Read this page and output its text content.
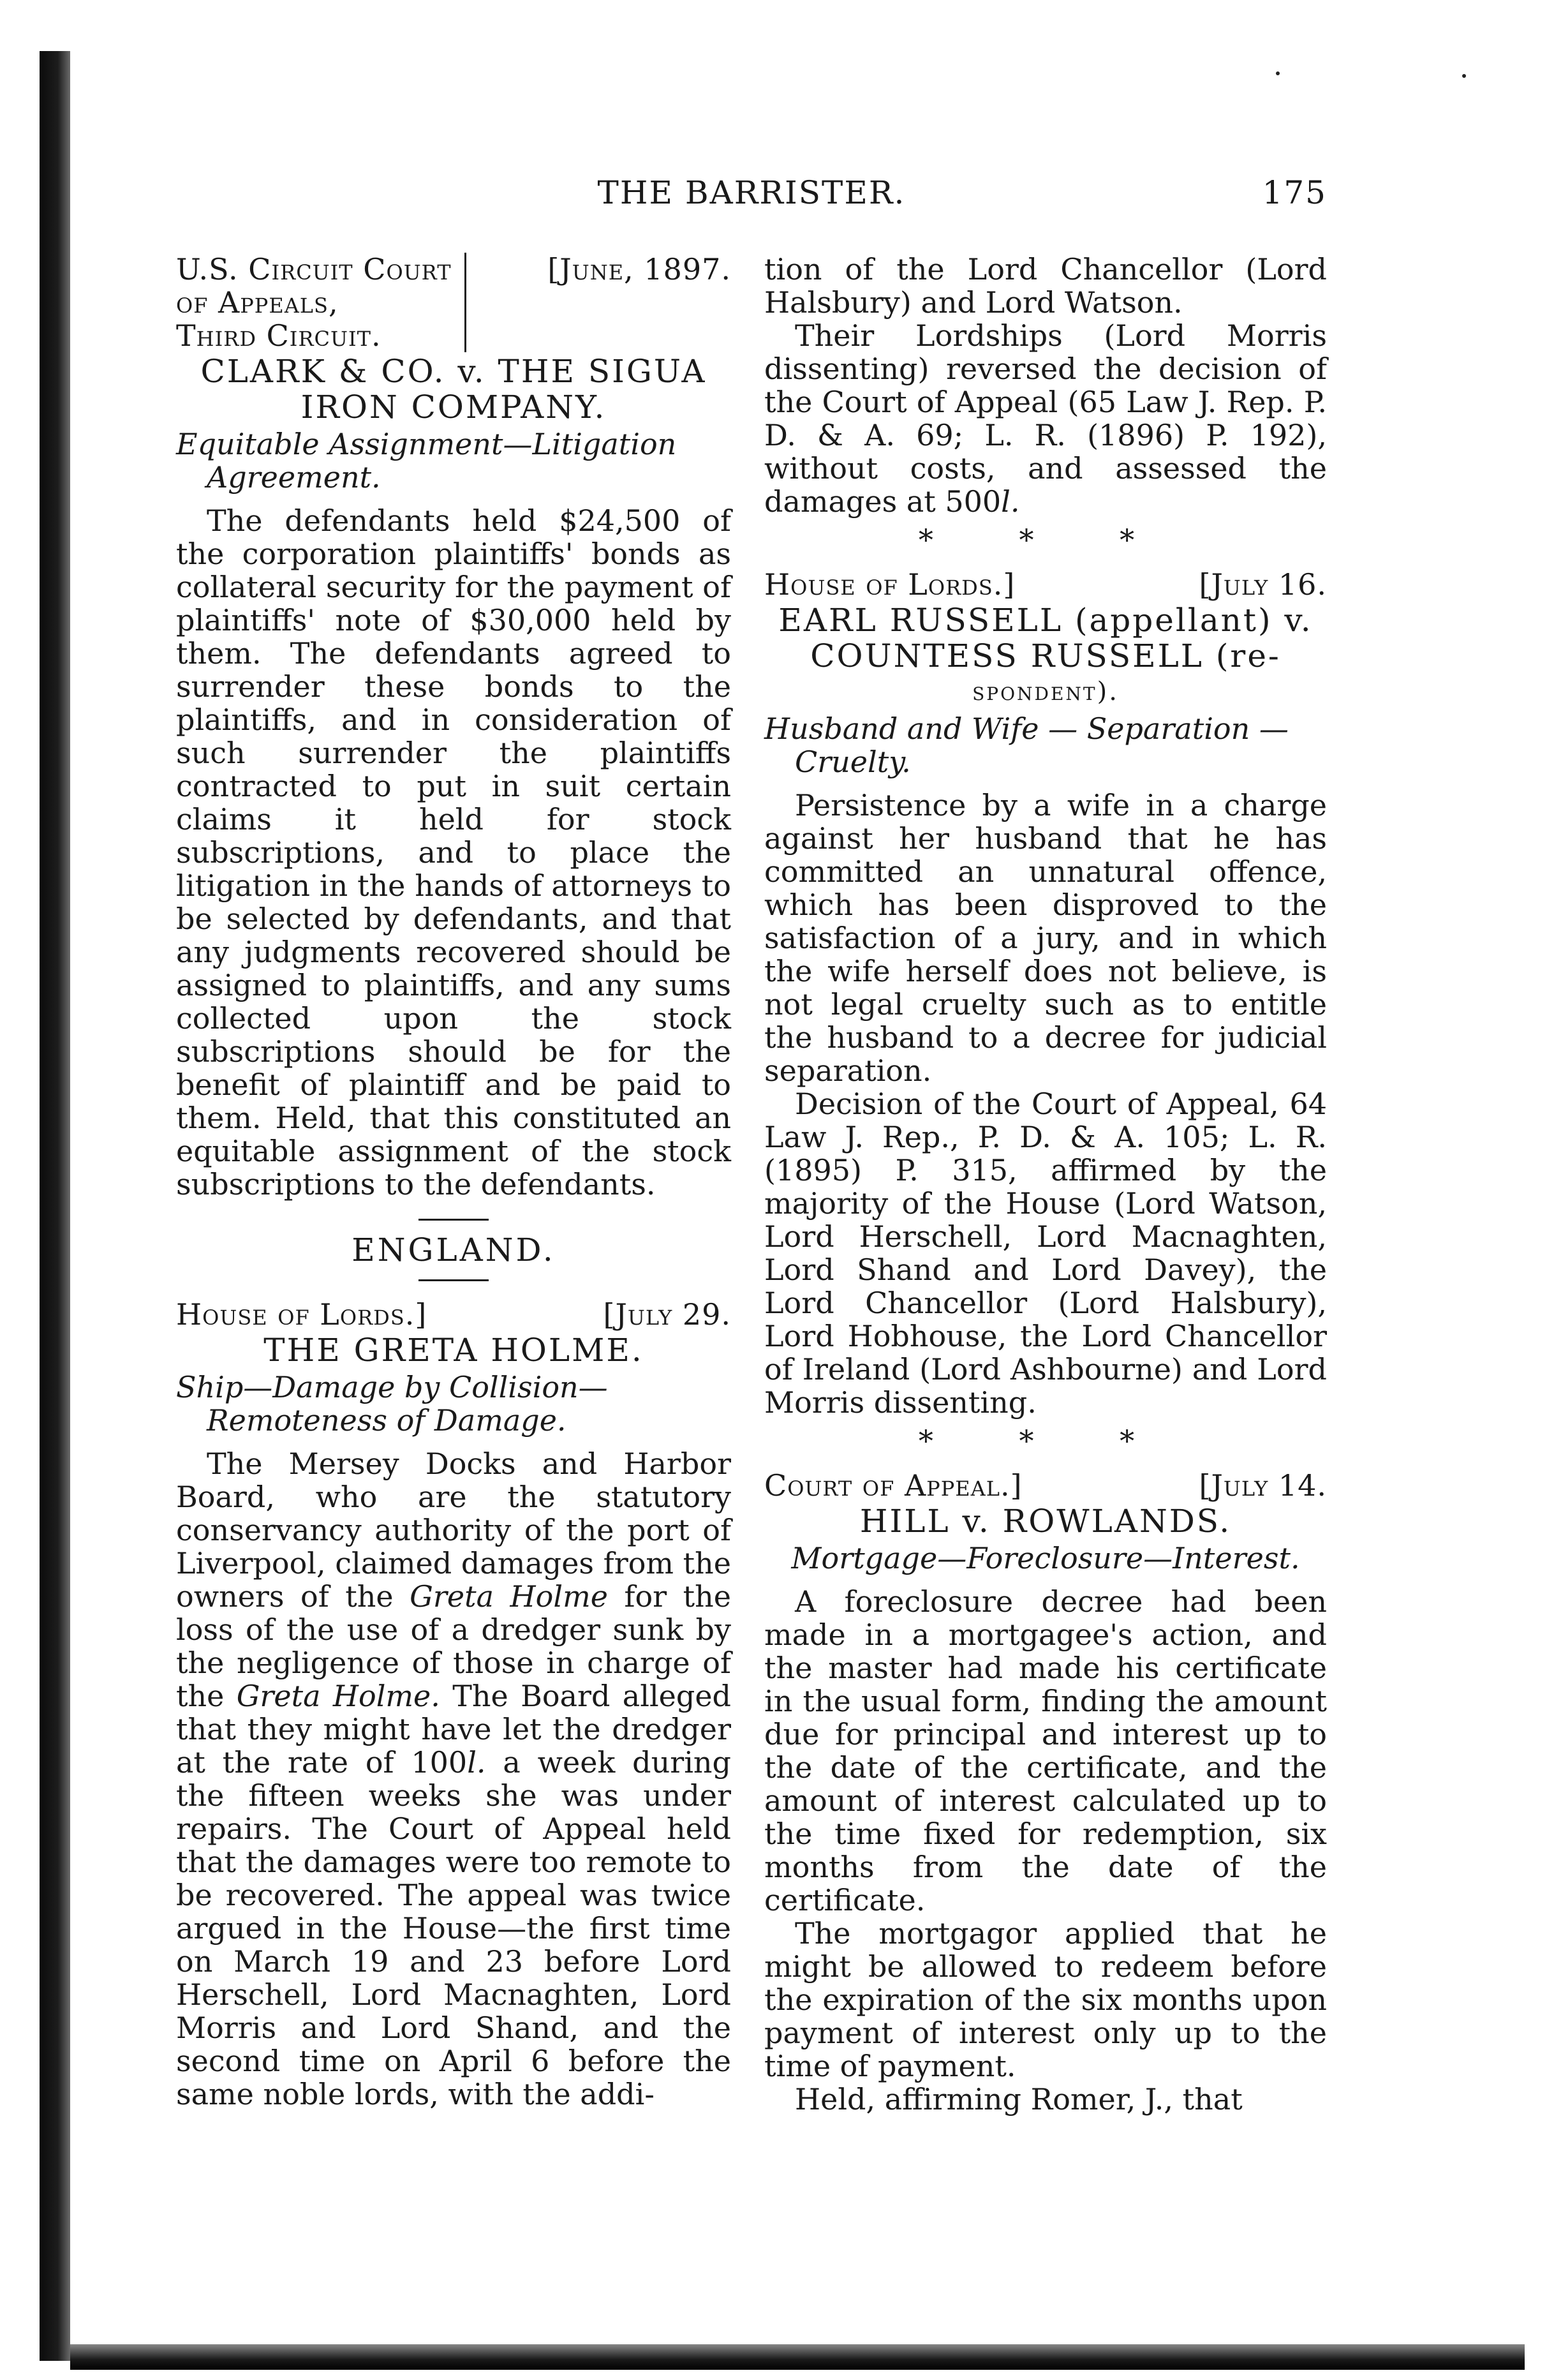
THE BARRISTER.	175
U.S. Circuit Court
of Appeals,
Third Circuit.
[June, 1897.
CLARK & CO. v. THE SIGUA
IRON COMPANY.
Equitable Assignment—Litigation Agreement.

The defendants held $24,500 of the corporation plaintiffs' bonds as collateral security for the payment of plaintiffs' note of $30,000 held by them. The defendants agreed to surrender these bonds to the plaintiffs, and in consideration of such surrender the plaintiffs contracted to put in suit certain claims it held for stock subscriptions, and to place the litigation in the hands of attorneys to be selected by defendants, and that any judgments recovered should be assigned to plaintiffs, and any sums collected upon the stock subscriptions should be for the benefit of plaintiff and be paid to them. Held, that this constituted an equitable assignment of the stock subscriptions to the defendants.

ENGLAND.
House of Lords.]	[July 29.
THE GRETA HOLME.
Ship—Damage by Collision—Remoteness of Damage.

The Mersey Docks and Harbor Board, who are the statutory conservancy authority of the port of Liverpool, claimed damages from the owners of the Greta Holme for the loss of the use of a dredger sunk by the negligence of those in charge of the Greta Holme. The Board alleged that they might have let the dredger at the rate of 100l. a week during the fifteen weeks she was under repairs. The Court of Appeal held that the damages were too remote to be recovered. The appeal was twice argued in the House—the first time on March 19 and 23 before Lord Herschell, Lord Macnaghten, Lord Morris and Lord Shand, and the second time on April 6 before the same noble lords, with the addi-

tion of the Lord Chancellor (Lord Halsbury) and Lord Watson.

Their Lordships (Lord Morris dissenting) reversed the decision of the Court of Appeal (65 Law J. Rep. P. D. & A. 69; L. R. (1896) P. 192), without costs, and assessed the damages at 500l.

* * *
House of Lords.]	[July 16.
EARL RUSSELL (appellant) v.
COUNTESS RUSSELL (re-
spondent).
Husband and Wife — Separation — Cruelty.

Persistence by a wife in a charge against her husband that he has committed an unnatural offence, which has been disproved to the satisfaction of a jury, and in which the wife herself does not believe, is not legal cruelty such as to entitle the husband to a decree for judicial separation.

Decision of the Court of Appeal, 64 Law J. Rep., P. D. & A. 105; L. R. (1895) P. 315, affirmed by the majority of the House (Lord Watson, Lord Herschell, Lord Macnaghten, Lord Shand and Lord Davey), the Lord Chancellor (Lord Halsbury), Lord Hobhouse, the Lord Chancellor of Ireland (Lord Ashbourne) and Lord Morris dissenting.

* * *
Court of Appeal.]	[July 14.
HILL v. ROWLANDS.
Mortgage—Foreclosure—Interest.

A foreclosure decree had been made in a mortgagee's action, and the master had made his certificate in the usual form, finding the amount due for principal and interest up to the date of the certificate, and the amount of interest calculated up to the time fixed for redemption, six months from the date of the certificate.

The mortgagor applied that he might be allowed to redeem before the expiration of the six months upon payment of interest only up to the time of payment.

Held, affirming Romer, J., that
